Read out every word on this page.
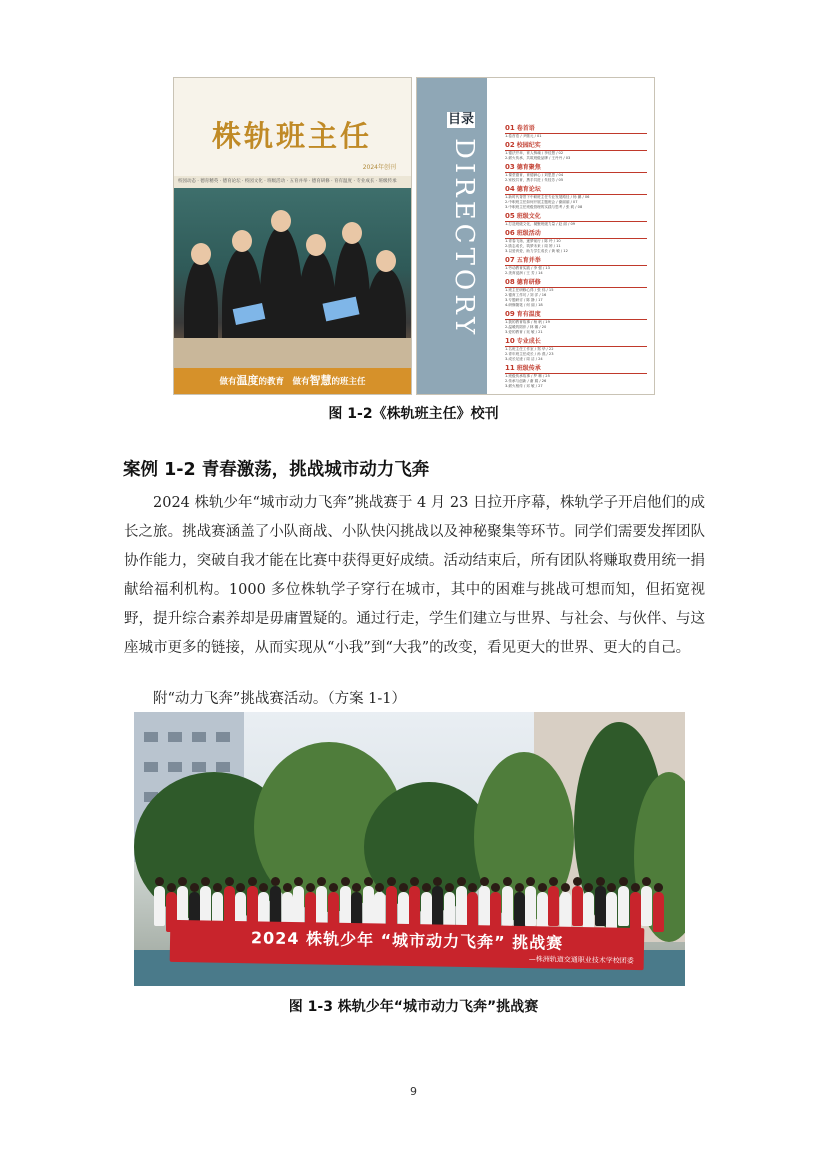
株轨班主任
2024年创刊
校园动态 · 德育精英 · 德育论坛 · 校园文化 · 班级活动 · 五育并举 · 德育研修 · 育有温度 · 专业成长 · 班级传承
做有温度的教育　做有智慧的班主任
目录
DIRECTORY
01 卷首语
1.卷首语 / 尹继元 / 01
02 校园纪实
1.德法并举，育人铸魂 / 李佳慧 / 02
2.薪火传承，共筑班级品牌 / 王丹丹 / 03
03 德育聚焦
1.课堂德育，育德润心 / 刘思思 / 04
2.家校共育，携手共进 / 朱桂芳 / 05
04 德育论坛
1.新时代背景下中职班主任专业发展路径 / 杨 鹏 / 06
2.中职班主任如何开展主题班会 / 谢丽丽 / 07
3.中职班主任班级管理的实践与思考 / 张 莉 / 08
05 班级文化
1.打造班级文化，凝聚班级力量 / 赵 丽 / 09
06 班级活动
1.青春飞扬，逐梦前行 / 陈 玲 / 10
2.励志成长，筑梦未来 / 周 婷 / 11
3.以爱育爱，助力学生成长 / 黄 敏 / 12
07 五育并举
1.劳动教育实践 / 李 强 / 13
2.美育浸润 / 王 芳 / 14
08 德育研修
1.班主任研修心得 / 张 伟 / 15
2.德育工作坊 / 刘 洋 / 16
3.专题研讨 / 陈 静 / 17
4.研修随笔 / 何 丽 / 18
09 育有温度
1.我的教育故事 / 杨 帆 / 19
2.温暖的陪伴 / 林 娜 / 20
3.爱的教育 / 吴 敏 / 21
10 专业成长
1.名班主任工作室 / 郑 华 / 22
2.青年班主任成长 / 孙 燕 / 23
3.成长足迹 / 周 洁 / 24
11 班级传承
1.班级传承故事 / 罗 琳 / 25
2.传承与创新 / 谢 娟 / 26
3.薪火相传 / 邓 敏 / 27
图 1-2《株轨班主任》校刊
案例 1-2 青春激荡，挑战城市动力飞奔

2024 株轨少年“城市动力飞奔”挑战赛于 4 月 23 日拉开序幕，株轨学子开启他们的成长之旅。挑战赛涵盖了小队商战、小队快闪挑战以及神秘聚集等环节。同学们需要发挥团队协作能力，突破自我才能在比赛中获得更好成绩。活动结束后，所有团队将赚取费用统一捐献给福利机构。1000 多位株轨学子穿行在城市，其中的困难与挑战可想而知，但拓宽视野，提升综合素养却是毋庸置疑的。通过行走，学生们建立与世界、与社会、与伙伴、与这座城市更多的链接，从而实现从“小我”到“大我”的改变，看见更大的世界、更大的自己。

附“动力飞奔”挑战赛活动。（方案 1-1）
2024 株轨少年 “城市动力飞奔” 挑战赛
—株洲轨道交通职业技术学校团委
图 1-3 株轨少年“城市动力飞奔”挑战赛
9
